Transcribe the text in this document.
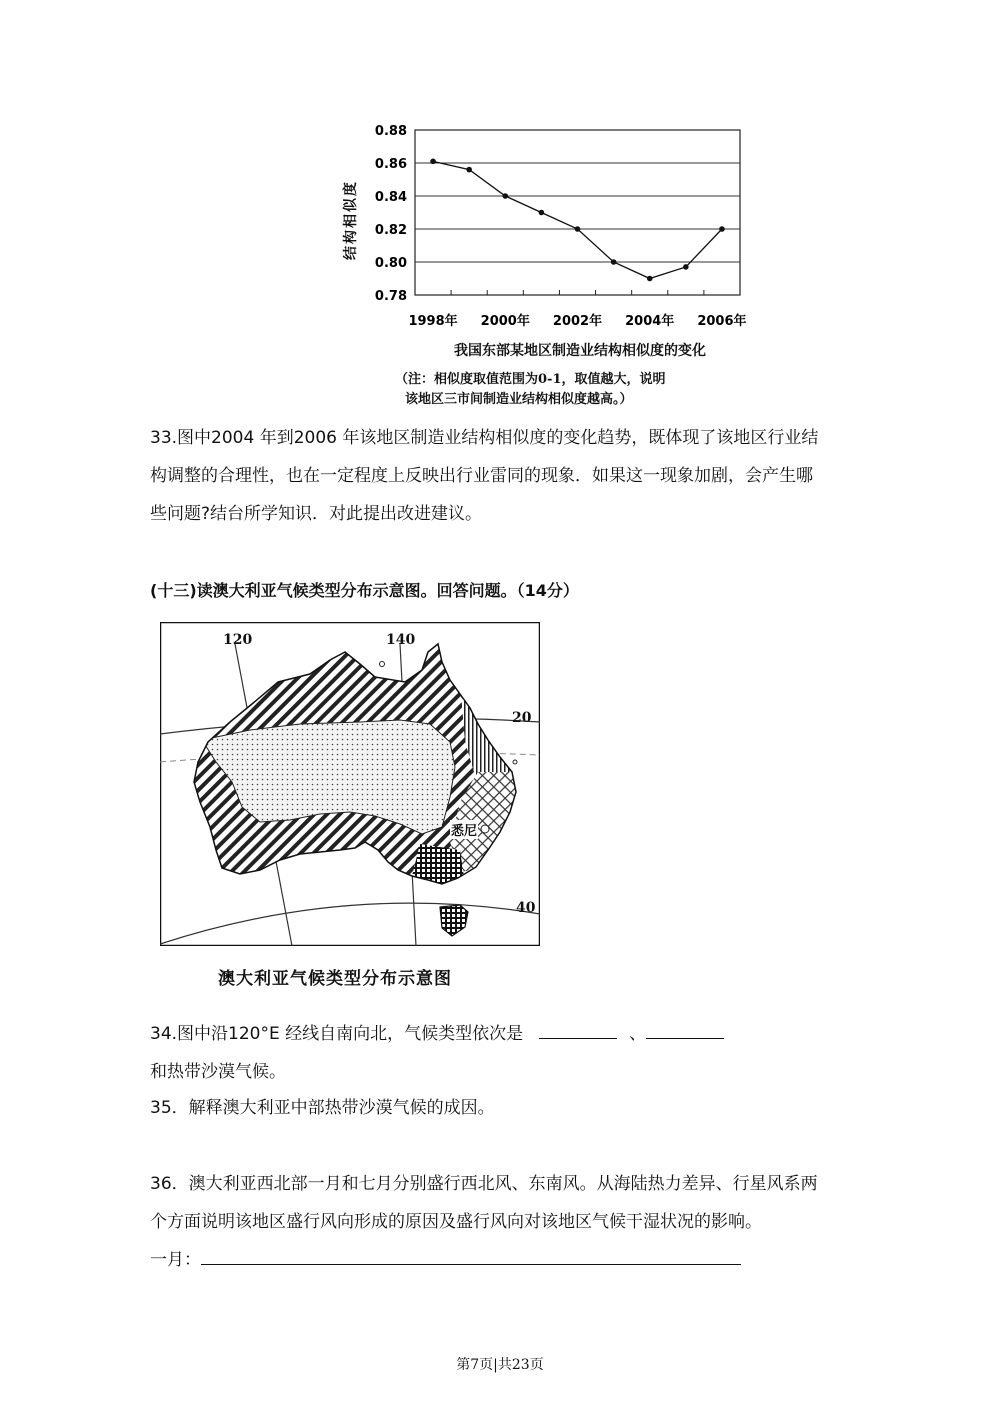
0.88
0.86
0.84
0.82
0.80
0.78
1998年 2000年 2002年 2004年 2006年
结构相似度
我国东部某地区制造业结构相似度的变化
（注：相似度取值范围为0-1，取值越大，说明
该地区三市间制造业结构相似度越高。）
33.图中2004 年到2006 年该地区制造业结构相似度的变化趋势，既体现了该地区行业结
构调整的合理性，也在一定程度上反映出行业雷同的现象．如果这一现象加剧，会产生哪
些问题?结台所学知识．对此提出改进建议。
(十三)读澳大利亚气候类型分布示意图。回答问题。（14分）
120	140
20
40
悉尼
澳大利亚气候类型分布示意图
34.图中沿120°E 经线自南向北，气候类型依次是	、
和热带沙漠气候。
35．解释澳大利亚中部热带沙漠气候的成因。
36．澳大利亚西北部一月和七月分别盛行西北风、东南风。从海陆热力差异、行星风系两
个方面说明该地区盛行风向形成的原因及盛行风向对该地区气候干湿状况的影响。
一月：
第7页|共23页
